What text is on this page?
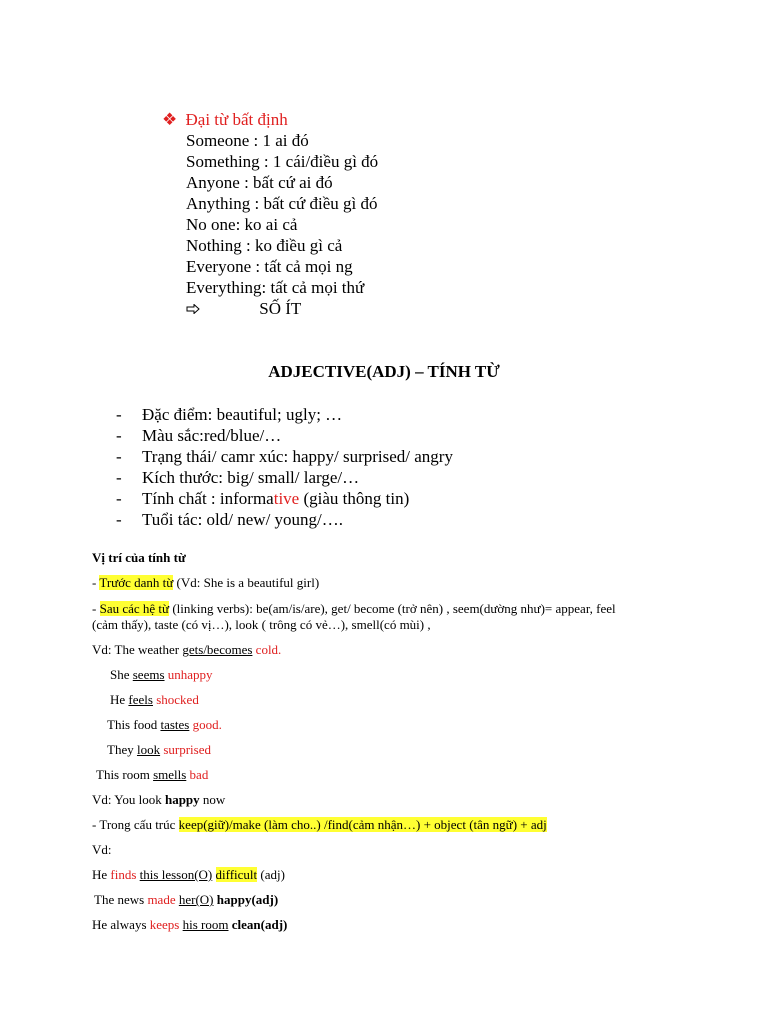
❖ Đại từ bất định
Someone : 1 ai đó
Something : 1 cái/điều gì đó
Anyone : bất cứ ai đó
Anything : bất cứ điều gì đó
No one: ko ai cả
Nothing : ko điều gì cả
Everyone : tất cả mọi ng
Everything: tất cả mọi thứ
SỐ ÍT
ADJECTIVE(ADJ) – TÍNH TỪ
- Đặc điểm: beautiful; ugly; …
- Màu sắc:red/blue/…
- Trạng thái/ camr xúc: happy/ surprised/ angry
- Kích thước: big/ small/ large/…
- Tính chất : informative (giàu thông tin)
- Tuổi tác: old/ new/ young/….
Vị trí của tính từ
- Trước danh từ (Vd: She is a beautiful girl)
- Sau các hệ từ (linking verbs): be(am/is/are), get/ become (trở nên) , seem(dường như)= appear, feel
(cảm thấy), taste (có vị…), look ( trông có vẻ…), smell(có mùi) ,
Vd: The weather gets/becomes cold.
She seems unhappy
He feels shocked
This food tastes good.
They look surprised
This room smells bad
Vd: You look happy now
- Trong cấu trúc keep(giữ)/make (làm cho..) /find(cảm nhận…) + object (tân ngữ) + adj
Vd:
He finds this lesson(O) difficult (adj)
The news made her(O) happy(adj)
He always keeps his room clean(adj)
